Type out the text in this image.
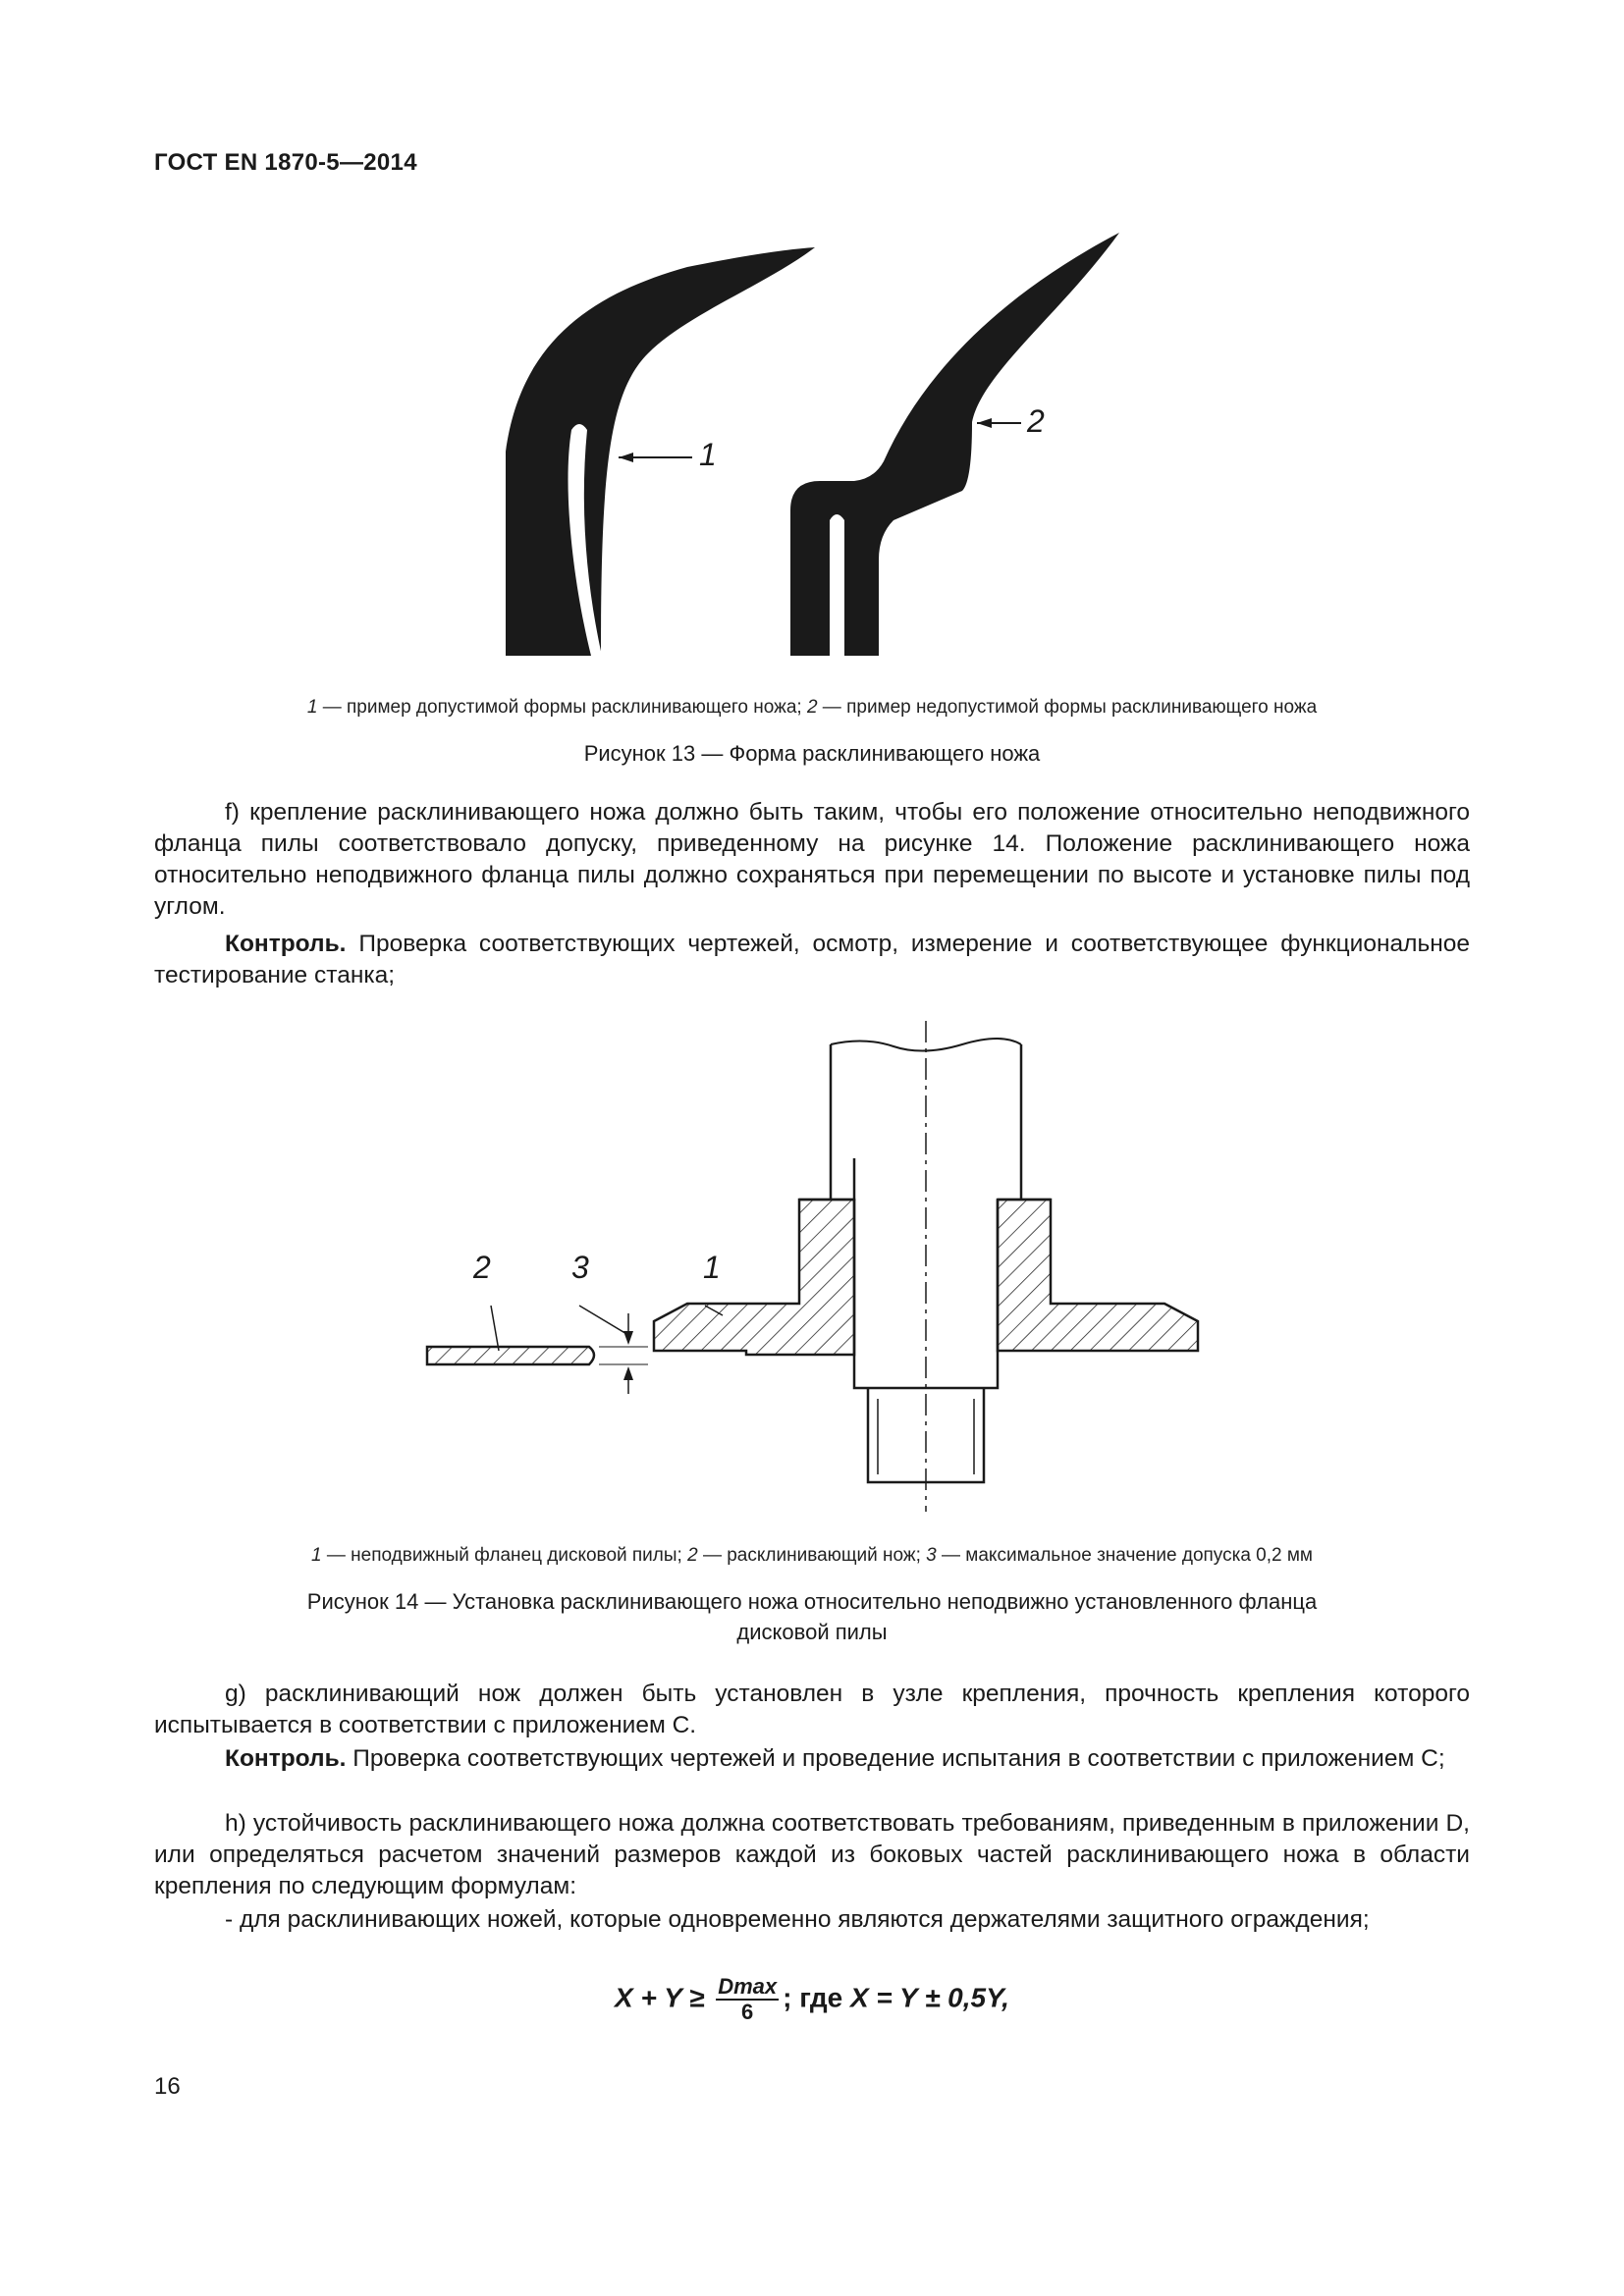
ГОСТ EN 1870-5—2014
1
2
1 — пример допустимой формы расклинивающего ножа; 2 — пример недопустимой формы расклинивающего ножа
Рисунок 13 — Форма расклинивающего ножа
f) крепление расклинивающего ножа должно быть таким, чтобы его положение относительно неподвижного фланца пилы соответствовало допуску, приведенному на рисунке 14. Положение расклинивающего ножа относительно неподвижного фланца пилы должно сохраняться при перемещении по высоте и установке пилы под углом.
Контроль. Проверка соответствующих чертежей, осмотр, измерение и соответствующее функциональное тестирование станка;
2	3	1
1 — неподвижный фланец дисковой пилы; 2 — расклинивающий нож; 3 — максимальное значение допуска 0,2 мм
Рисунок 14 — Установка расклинивающего ножа относительно неподвижно установленного фланца
дисковой пилы
g) расклинивающий нож должен быть установлен в узле крепления, прочность крепления которого испытывается в соответствии с приложением С.
Контроль. Проверка соответствующих чертежей и проведение испытания в соответствии с приложением С;
h) устойчивость расклинивающего ножа должна соответствовать требованиям, приведенным в приложении D, или определяться расчетом значений размеров каждой из боковых частей расклинивающего ножа в области крепления по следующим формулам:
- для расклинивающих ножей, которые одновременно являются держателями защитного ограждения;
$X + Y \ge \frac{Dmax}{6}$ ; где X = Y ± 0,5Y,
16
